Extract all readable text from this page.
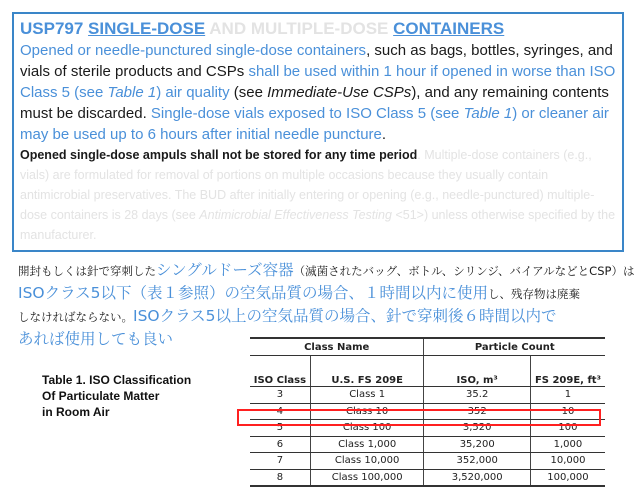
USP797 SINGLE-DOSE AND MULTIPLE-DOSE CONTAINERS

Opened or needle-punctured single-dose containers, such as bags, bottles, syringes, and vials of sterile products and CSPs shall be used within 1 hour if opened in worse than ISO Class 5 (see Table 1) air quality (see Immediate-Use CSPs), and any remaining contents must be discarded. Single-dose vials exposed to ISO Class 5 (see Table 1) or cleaner air may be used up to 6 hours after initial needle puncture.

Opened single-dose ampuls shall not be stored for any time period. Multiple-dose containers (e.g., vials) are formulated for removal of portions on multiple occasions because they usually contain antimicrobial preservatives. The BUD after initially entering or opening (e.g., needle-punctured) multiple-dose containers is 28 days (see Antimicrobial Effectiveness Testing <51>) unless otherwise specified by the manufacturer.

開封もしくは針で穿刺したシングルドーズ容器（滅菌されたバッグ、ボトル、シリンジ、バイアルなどとCSP）は
ISOクラス5以下（表１参照）の空気品質の場合、１時間以内に使用し、残存物は廃棄
しなければならない。ISOクラス5以上の空気品質の場合、針で穿刺後６時間以内で
あれば使用しても良い
Table 1. ISO Classification
Of Particulate Matter
in Room Air
Class Name		Particle Count	
ISO Class	U.S. FS 209E	ISO, m³	FS 209E, ft³
3	Class 1	35.2	1
4	Class 10	352	10
5	Class 100	3,520	100
6	Class 1,000	35,200	1,000
7	Class 10,000	352,000	10,000
8	Class 100,000	3,520,000	100,000
